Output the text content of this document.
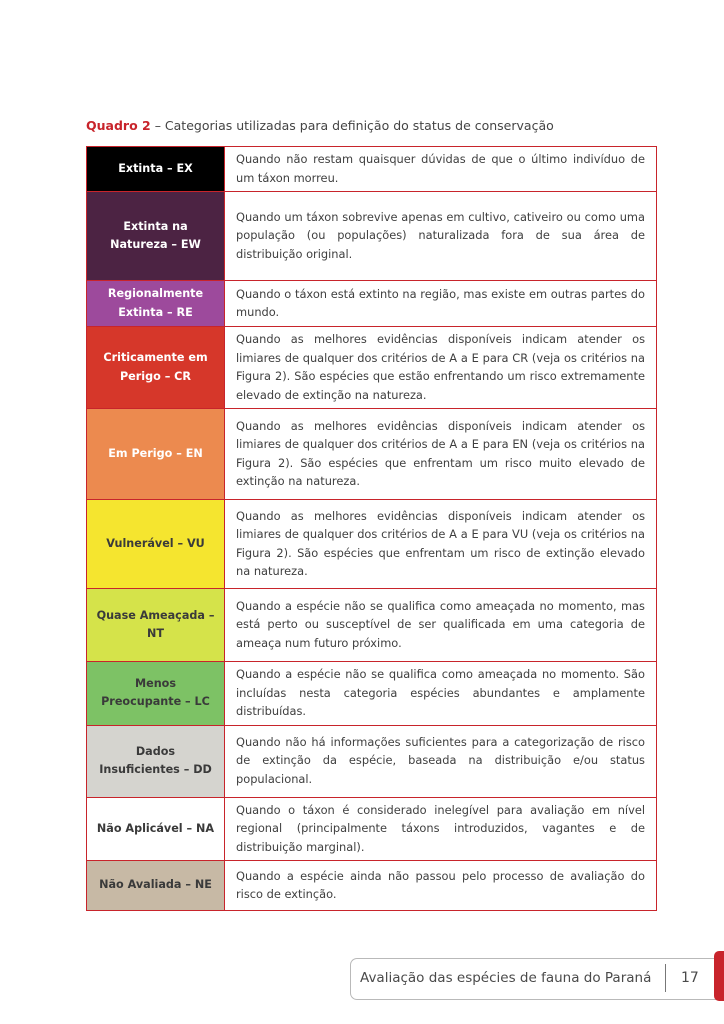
Quadro 2 – Categorias utilizadas para definição do status de conservação
Extinta – EX	Quando não restam quaisquer dúvidas de que o último indivíduo de um táxon morreu.
Extinta na Natureza – EW	Quando um táxon sobrevive apenas em cultivo, cativeiro ou como uma população (ou populações) naturalizada fora de sua área de distribuição original.
Regionalmente Extinta – RE	Quando o táxon está extinto na região, mas existe em outras partes do mundo.
Criticamente em Perigo – CR	Quando as melhores evidências disponíveis indicam atender os limiares de qualquer dos critérios de A a E para CR (veja os critérios na Figura 2). São espécies que estão enfrentando um risco extremamente elevado de extinção na natureza.
Em Perigo – EN	Quando as melhores evidências disponíveis indicam atender os limiares de qualquer dos critérios de A a E para EN (veja os critérios na Figura 2). São espécies que enfrentam um risco muito elevado de extinção na natureza.
Vulnerável – VU	Quando as melhores evidências disponíveis indicam atender os limiares de qualquer dos critérios de A a E para VU (veja os critérios na Figura 2). São espécies que enfrentam um risco de extinção elevado na natureza.
Quase Ameaçada – NT	Quando a espécie não se qualifica como ameaçada no momento, mas está perto ou susceptível de ser qualificada em uma categoria de ameaça num futuro próximo.
Menos Preocupante – LC	Quando a espécie não se qualifica como ameaçada no momento. São incluídas nesta categoria espécies abundantes e amplamente distribuídas.
Dados Insuficientes – DD	Quando não há informações suficientes para a categorização de risco de extinção da espécie, baseada na distribuição e/ou status populacional.
Não Aplicável – NA	Quando o táxon é considerado inelegível para avaliação em nível regional (principalmente táxons introduzidos, vagantes e de distribuição marginal).
Não Avaliada – NE	Quando a espécie ainda não passou pelo processo de avaliação do risco de extinção.
Avaliação das espécies de fauna do Paraná 17
